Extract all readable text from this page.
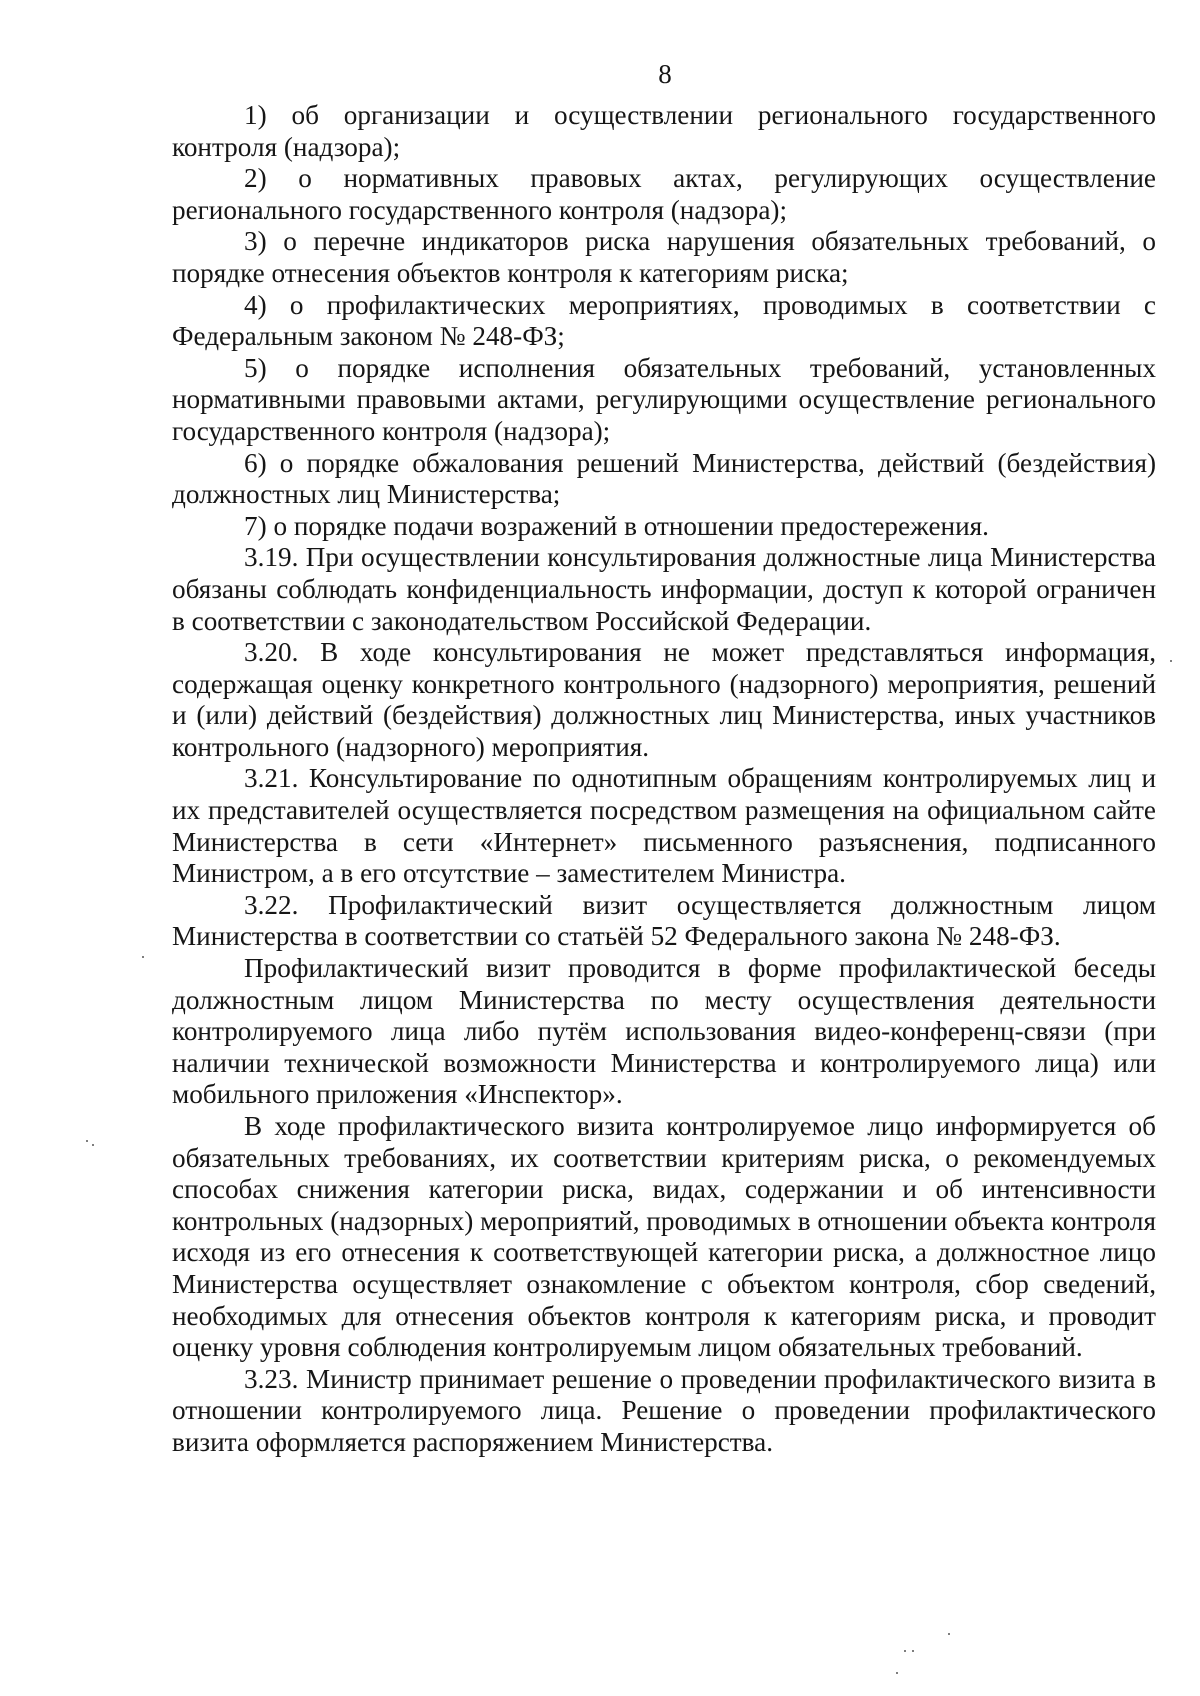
8

1) об организации и осуществлении регионального государственного контроля (надзора);

2) о нормативных правовых актах, регулирующих осуществление регионального государственного контроля (надзора);

3) о перечне индикаторов риска нарушения обязательных требований, о порядке отнесения объектов контроля к категориям риска;

4) о профилактических мероприятиях, проводимых в соответствии с Федеральным законом № 248-ФЗ;

5) о порядке исполнения обязательных требований, установленных нормативными правовыми актами, регулирующими осуществление регионального государственного контроля (надзора);

6) о порядке обжалования решений Министерства, действий (бездействия) должностных лиц Министерства;

7) о порядке подачи возражений в отношении предостережения.

3.19. При осуществлении консультирования должностные лица Министерства обязаны соблюдать конфиденциальность информации, доступ к которой ограничен в соответствии с законодательством Российской Федерации.

3.20. В ходе консультирования не может представляться информация, содержащая оценку конкретного контрольного (надзорного) мероприятия, решений и (или) действий (бездействия) должностных лиц Министерства, иных участников контрольного (надзорного) мероприятия.

3.21. Консультирование по однотипным обращениям контролируемых лиц и их представителей осуществляется посредством размещения на официальном сайте Министерства в сети «Интернет» письменного разъяснения, подписанного Министром, а в его отсутствие – заместителем Министра.

3.22. Профилактический визит осуществляется должностным лицом Министерства в соответствии со статьёй 52 Федерального закона № 248-ФЗ.

Профилактический визит проводится в форме профилактической беседы должностным лицом Министерства по месту осуществления деятельности контролируемого лица либо путём использования видео-конференц-связи (при наличии технической возможности Министерства и контролируемого лица) или мобильного приложения «Инспектор».

В ходе профилактического визита контролируемое лицо информируется об обязательных требованиях, их соответствии критериям риска, о рекомендуемых способах снижения категории риска, видах, содержании и об интенсивности контрольных (надзорных) мероприятий, проводимых в отношении объекта контроля исходя из его отнесения к соответствующей категории риска, а должностное лицо Министерства осуществляет ознакомление с объектом контроля, сбор сведений, необходимых для отнесения объектов контроля к категориям риска, и проводит оценку уровня соблюдения контролируемым лицом обязательных требований.

3.23. Министр принимает решение о проведении профилактического визита в отношении контролируемого лица. Решение о проведении профилактического визита оформляется распоряжением Министерства.
